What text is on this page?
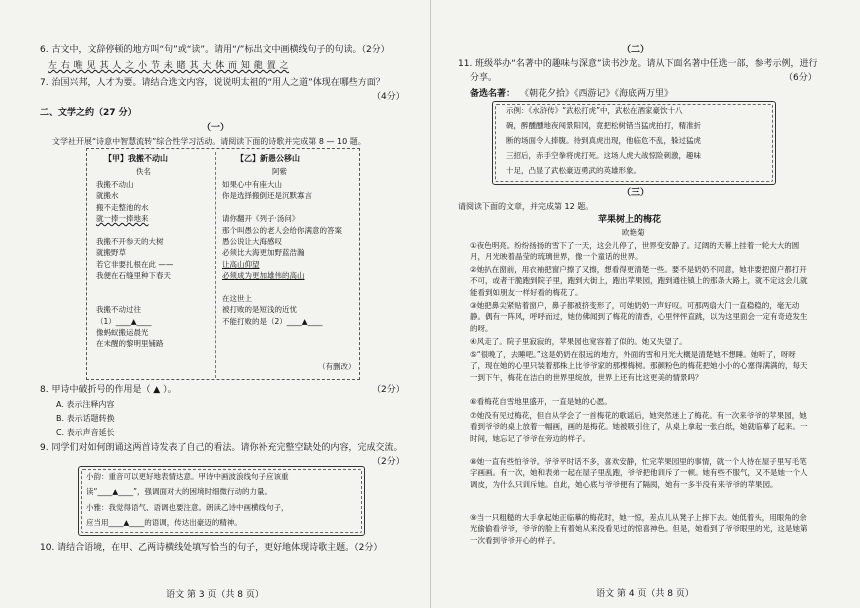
6. 古文中，文辞停顿的地方叫“句”或“读”。请用“/”标出文中画横线句子的句读。（2分）
左 右 唯 见 其 人 之 小 节 未 睹 其 大 体 而 知 龍 置 之
7. 治国兴邦，人才为要。请结合选文内容，说说明太祖的“用人之道”体现在哪些方面？
（4分）
二、文学之约（27 分）
（一）
文学社开展“诗意中智慧流转”综合性学习活动。请阅读下面的诗歌并完成第 8 — 10 题。
【甲】我搬不动山
佚名
我搬不动山
就搬水
搬不走整池的水
就一捧一捧地来
我搬不开参天的大树
就搬野草
若它非要扎根在此 ——
我便在石缝里种下春天
我搬不动过往
（1）____▲____
像蚂蚁搬运晨光
在未醒的黎明里铺路
【乙】新愚公移山
阿紫
如果心中有座大山
你是选择搬倒还是沉默寡言
请你翻开《列子·汤问》
那个叫愚公的老人会给你满意的答案
愚公说让大海感叹
必须比大海更加野蓝浩瀚
让高山仰望
必须成为更加雄伟的高山
在这世上
被打败的是短浅的近忧
不能打败的是（2）____▲____
（有删改）
8. 甲诗中破折号的作用是（ ▲ ）。	（2分）
A. 表示注释内容
B. 表示话题转换
C. 表示声音延长
9. 同学们对如何朗诵这两首诗发表了自己的看法。请你补充完整空缺处的内容，完成交流。
（2分）
小韵：重音可以更好地表情达意。甲诗中画波浪线句子应该重
读“____▲____”，强调面对大的困境时细微行动的力量。
小雅：我觉得语气、语调也要注意。朗读乙诗中画横线句子，
应当用____▲____的语调，传达出豪迈的精神。
10. 请结合语境，在甲、乙两诗横线处填写恰当的句子，更好地体现诗歌主题。（2分）
语文 第 3 页（共 8 页）
（二）
11. 班级举办“名著中的趣味与深意”读书沙龙。请从下面名著中任选一部，参考示例，进行
分享。	（6分）
备选名著： 《朝花夕拾》《西游记》《海底两万里》
示例：《水浒传》“武松打虎”中，武松在酒家豪饮十八
碗，醉醺醺地夜闯景阳冈，竟把松树错当猛虎拍打，精准折
断的场面令人捧腹。待到真虎出现，他临危不乱，躲过猛虎
三招后，赤手空拳将虎打死。这场人虎大战惊险刺激，趣味
十足，凸显了武松豪迈勇武的英雄形象。
（三）
请阅读下面的文章，并完成第 12 题。
苹果树上的梅花
欧艳菊
①夜色明亮。纷纷扬扬的雪下了一天，这会儿停了，世界变安静了。辽阔的天幕上挂着一轮大大的圆月，月光映着晶莹的琉璃世界，像一个童话的世界。
②她扒在窗前，用衣袖把窗户擦了又擦，想看得更清楚一些。要不是奶奶不同意，她非要把窗户都打开不可，或者干脆跑到院子里，跑到大街上，跑出苹果园，跑到通往镇上的那条大路上，就不定这会儿就能看到如朋友一样好看的梅花了。
③她把鼻尖紧贴着窗户，鼻子都被挤变形了，可她奶奶一声好叹。可那两扇大门一直稳稳的，毫无动静。偶有一阵风，呼呼而过，她仿佛闻到了梅花的清香，心里怦怦直跳，以为这里面会一定有奇迹发生的呀。
④风走了。院子里寂寂的，苹果园也宽容着了似的。她又失望了。
⑤“很晚了，去睡吧。”这是奶奶在很远的地方，外面的雪和月光大概是清楚她不想睡。她听了，呀呀了，现在她的心里只装着那株上比爷爷家的那棵梅树。那颜粉色的梅花把她小小的心塞得满满的，每天一到下午，梅花在洁白的世界里绽放，世界上还有比这更美的情景吗？
⑥看梅花自雪地里盛开，一直是她的心愿。
⑦她没有见过梅花，但自从学会了一首梅花的歌谣后，她突然迷上了梅花。有一次来爷爷的苹果园，她看到爷爷的桌上放着一幅画，画的是梅花。她被吸引住了，从桌上拿起一张白纸，她就临摹了起来。一时间，她忘记了爷爷在旁边的样子。
⑧她一直有些怕爷爷。爷爷平时话不多，喜欢安静，忙完苹果园里的事情，就一个人待在屋子里写毛笔字画画。有一次，她和表弟一起在屋子里乱跑，爷爷把他训斥了一顿。她有些不服气，又不是她一个人调皮，为什么只训斥她。自此，她心底与爷爷便有了隔阂，她有一多半没有来爷爷的苹果园。
⑨当一只粗糙的大手拿起她正临摹的梅花时，她一惊，差点儿从凳子上摔下去。她低着头，用眼角的余光偷偷看爷爷，爷爷的脸上有着她从来没看见过的惊喜神色。但是，她看到了爷爷眼里的光，这是她第一次看到爷爷开心的样子。
语文 第 4 页（共 8 页）
